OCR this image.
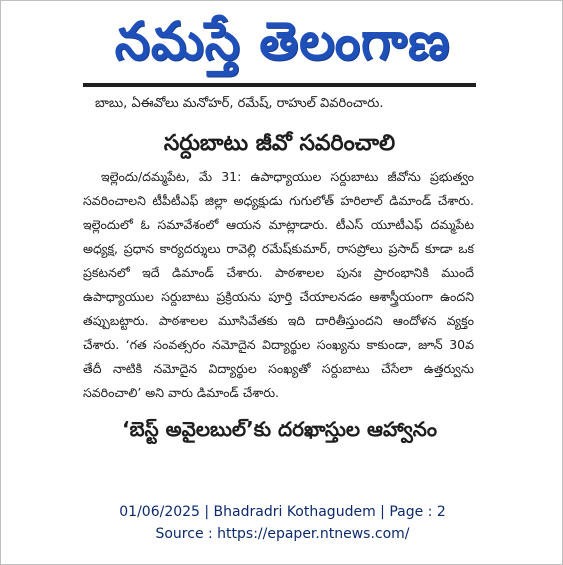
నమస్తే తెలంగాణ
బాబు, ఏఈవోలు మనోహర్, రమేష్, రాహుల్ వివరించారు.
సర్దుబాటు జీవో సవరించాలి
ఇల్లెందు/దమ్మపేట, మే 31: ఉపాధ్యాయుల సర్దుబాటు జీవోను ప్రభుత్వం సవరించాలని టీపీటీఎఫ్ జిల్లా అధ్యక్షుడు గుగులోత్ హరిలాల్ డిమాండ్ చేశారు. ఇల్లెందులో ఓ సమావేశంలో ఆయన మాట్లాడారు. టీఎస్ యూటీఎఫ్ దమ్మపేట అధ్యక్ష, ప్రధాన కార్యదర్శులు రావెల్లి రమేష్‌కుమార్, రాసప్రోలు ప్రసాద్ కూడా ఒక ప్రకటనలో ఇదే డిమాండ్ చేశారు. పాఠశాలల పునః ప్రారంభానికి ముందే ఉపాధ్యాయుల సర్దుబాటు ప్రక్రియను పూర్తి చేయాలనడం ఆశాస్త్రీయంగా ఉందని తప్పుబట్టారు. పాఠశాలల మూసివేతకు ఇది దారితీస్తుందని ఆందోళన వ్యక్తం చేశారు. ‘గత సంవత్సరం నమోదైన విద్యార్థుల సంఖ్యను కాకుండా, జూన్ 30వ తేదీ నాటికి నమోదైన విద్యార్థుల సంఖ్యతో సర్దుబాటు చేసేలా ఉత్తర్వును సవరించాలి’ అని వారు డిమాండ్ చేశారు.
‘బెస్ట్ అవైలబుల్’కు దరఖాస్తుల ఆహ్వానం
01/06/2025 | Bhadradri Kothagudem | Page : 2
Source : https://epaper.ntnews.com/
